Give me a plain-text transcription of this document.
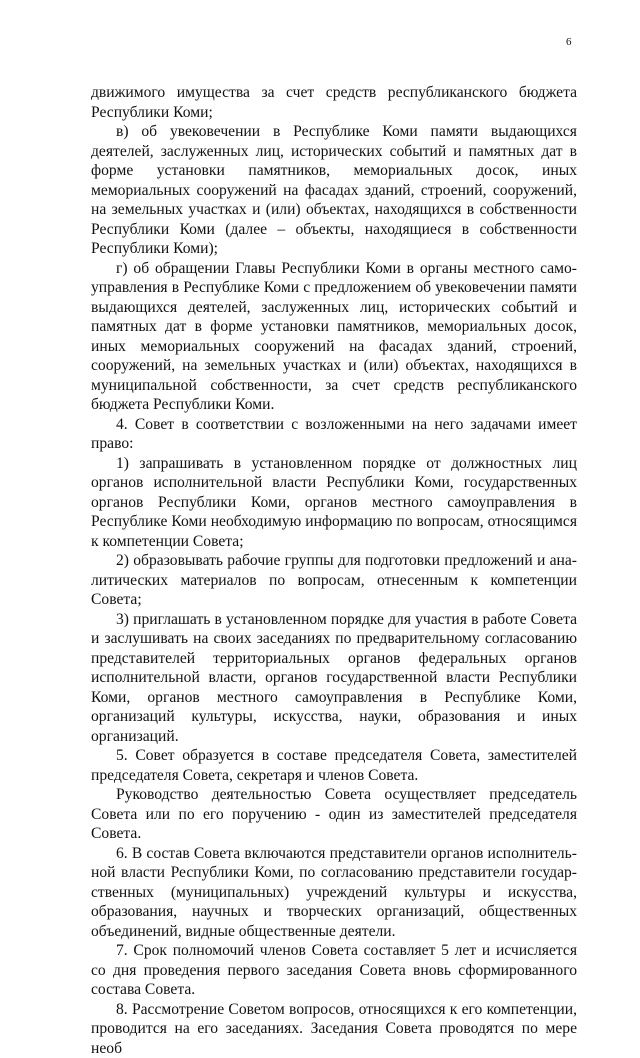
6

движимого имущества за счет средств республиканского бюджета Республики Коми;

в) об увековечении в Республике Коми памяти выдающихся деятелей, заслуженных лиц, исторических событий и памятных дат в форме установки памятников, мемориальных досок, иных мемориальных сооружений на фасадах зданий, строений, сооружений, на земельных участках и (или) объектах, находящихся в собственности Республики Коми (далее – объекты, находящиеся в собственности Республики Коми);

г) об обращении Главы Республики Коми в органы местного самоуправления в Республике Коми с предложением об увековечении памяти выдающихся деятелей, заслуженных лиц, исторических событий и памятных дат в форме установки памятников, мемориальных досок, иных мемориальных сооружений на фасадах зданий, строений, сооружений, на земельных участках и (или) объектах, находящихся в муниципальной собственности, за счет средств республиканского бюджета Республики Коми.

4. Совет в соответствии с возложенными на него задачами имеет право:

1) запрашивать в установленном порядке от должностных лиц органов исполнительной власти Республики Коми, государственных органов Республики Коми, органов местного самоуправления в Республике Коми необходимую информацию по вопросам, относящимся к компетенции Совета;

2) образовывать рабочие группы для подготовки предложений и аналитических материалов по вопросам, отнесенным к компетенции Совета;

3) приглашать в установленном порядке для участия в работе Совета и заслушивать на своих заседаниях по предварительному согласованию представителей территориальных органов федеральных органов исполнительной власти, органов государственной власти Республики Коми, органов местного самоуправления в Республике Коми, организаций культуры, искусства, науки, образования и иных организаций.

5. Совет образуется в составе председателя Совета, заместителей председателя Совета, секретаря и членов Совета.

Руководство деятельностью Совета осуществляет председатель Совета или по его поручению - один из заместителей председателя Совета.

6. В состав Совета включаются представители органов исполнительной власти Республики Коми, по согласованию представители государственных (муниципальных) учреждений культуры и искусства, образования, научных и творческих организаций, общественных объединений, видные общественные деятели.

7. Срок полномочий членов Совета составляет 5 лет и исчисляется со дня проведения первого заседания Совета вновь сформированного состава Совета.

8. Рассмотрение Советом вопросов, относящихся к его компетенции, проводится на его заседаниях. Заседания Совета проводятся по мере необ
